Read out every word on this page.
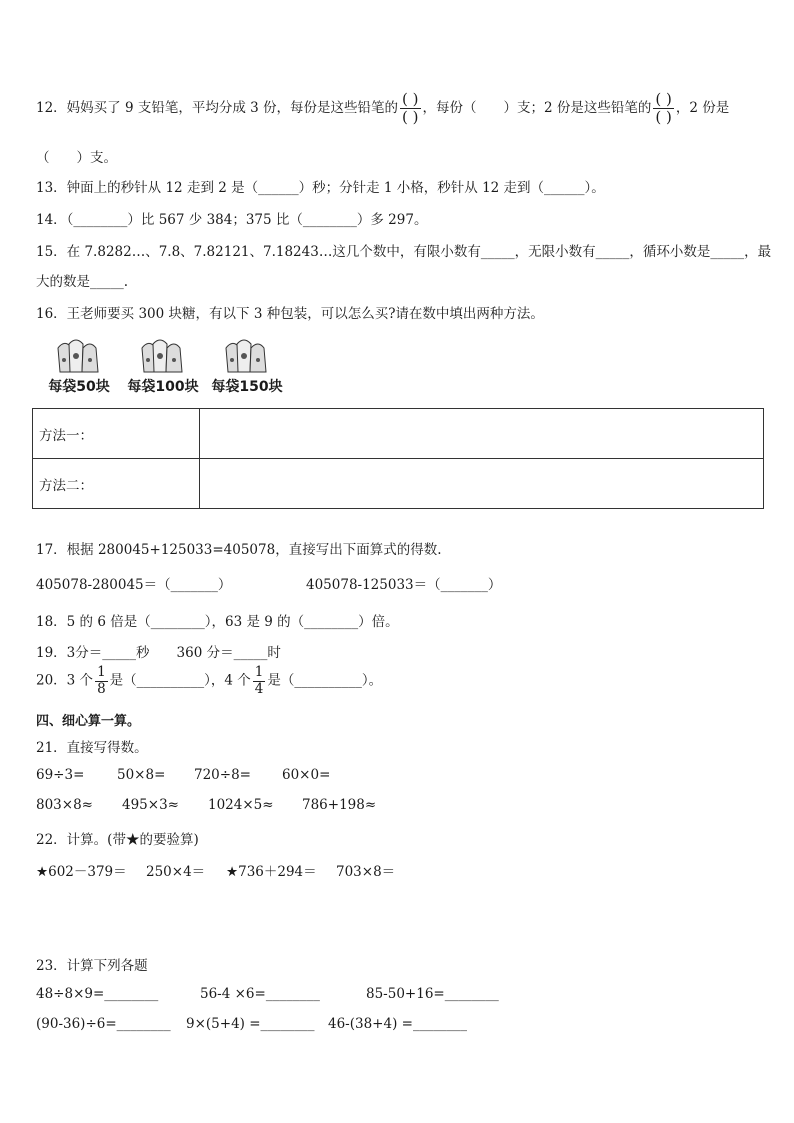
12．妈妈买了 9 支铅笔，平均分成 3 份，每份是这些铅笔的 $\frac{( )}{( )}$ ，每份（　　）支；2 份是这些铅笔的 $\frac{( )}{( )}$ ，2 份是
（　　）支。
13．钟面上的秒针从 12 走到 2 是（______）秒；分针走 1 小格，秒针从 12 走到（______）。
14．（________）比 567 少 384；375 比（________）多 297。
15．在 7.8282…、7.8、7.82121、7.18243…这几个数中，有限小数有_____，无限小数有_____，循环小数是_____，最
大的数是_____.
16．王老师要买 300 块糖，有以下 3 种包装，可以怎么买?请在数中填出两种方法。
每袋50块 每袋100块 每袋150块
方法一：	
方法二：	
17．根据 280045+125033=405078，直接写出下面算式的得数.
405078-280045＝（_______）	405078-125033＝（_______）
18．5 的 6 倍是（________），63 是 9 的（________）倍。
19．3分＝_____秒　　360 分＝_____时
20．3 个 $\frac{1}{8}$ 是（__________），4 个 $\frac{1}{4}$ 是（__________）。
四、细心算一算。
21．直接写得数。
69÷3= 50×8= 720÷8= 60×0=
803×8≈ 495×3≈ 1024×5≈ 786+198≈
22．计算。(带★的要验算)
★602－379＝ 250×4＝ ★736＋294＝ 703×8＝
23．计算下列各题
48÷8×9=________	56-4 ×6=________	85-50+16=________
(90-36)÷6=________ 9×(5+4) =________ 46-(38+4) =________
